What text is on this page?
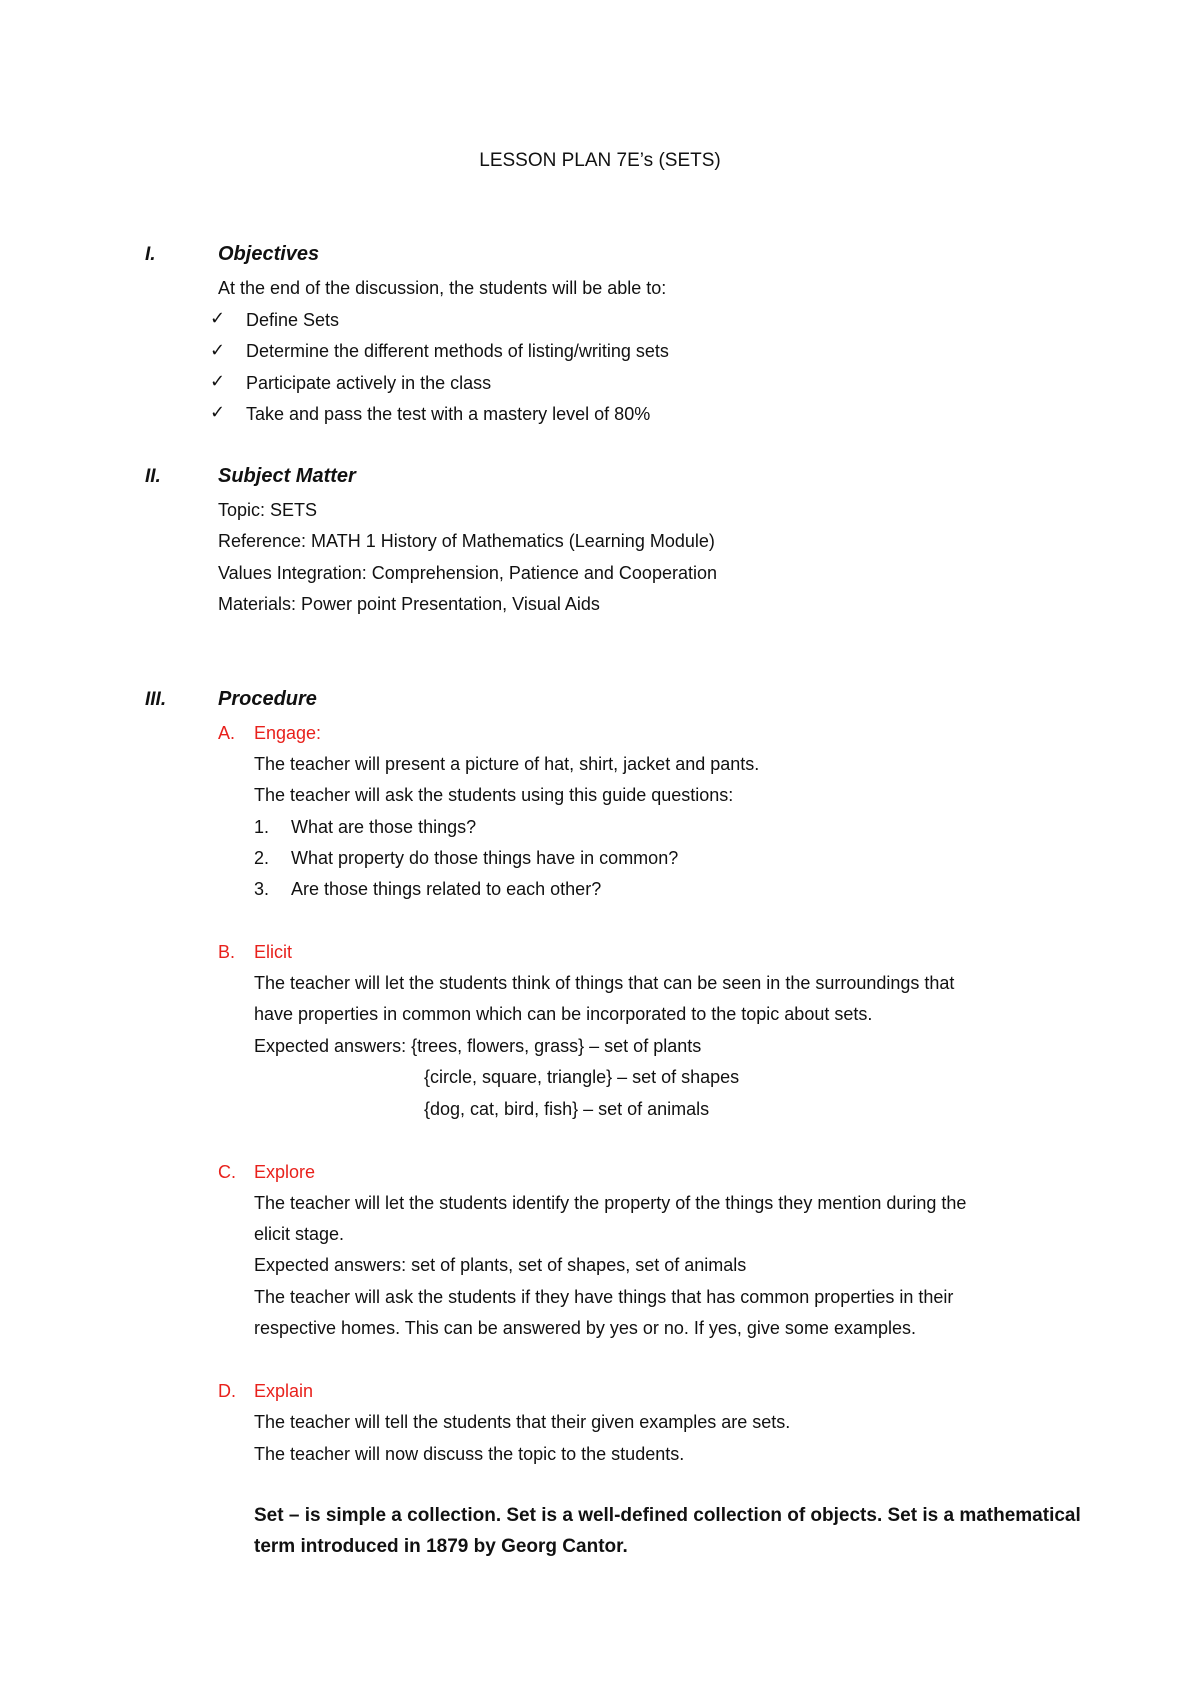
LESSON PLAN 7E’s (SETS)
I.	Objectives
At the end of the discussion, the students will be able to:
✓ Define Sets
✓ Determine the different methods of listing/writing sets
✓ Participate actively in the class
✓ Take and pass the test with a mastery level of 80%
II.	Subject Matter
Topic: SETS
Reference: MATH 1 History of Mathematics (Learning Module)
Values Integration: Comprehension, Patience and Cooperation
Materials: Power point Presentation, Visual Aids
III.	Procedure
A. Engage:
The teacher will present a picture of hat, shirt, jacket and pants.
The teacher will ask the students using this guide questions:
1. What are those things?
2. What property do those things have in common?
3. Are those things related to each other?
B. Elicit
The teacher will let the students think of things that can be seen in the surroundings that
have properties in common which can be incorporated to the topic about sets.
Expected answers: {trees, flowers, grass} – set of plants
{circle, square, triangle} – set of shapes
{dog, cat, bird, fish} – set of animals
C. Explore
The teacher will let the students identify the property of the things they mention during the
elicit stage.
Expected answers: set of plants, set of shapes, set of animals
The teacher will ask the students if they have things that has common properties in their
respective homes. This can be answered by yes or no. If yes, give some examples.
D. Explain
The teacher will tell the students that their given examples are sets.
The teacher will now discuss the topic to the students.
Set – is simple a collection. Set is a well-defined collection of objects. Set is a mathematical term introduced in 1879 by Georg Cantor.
